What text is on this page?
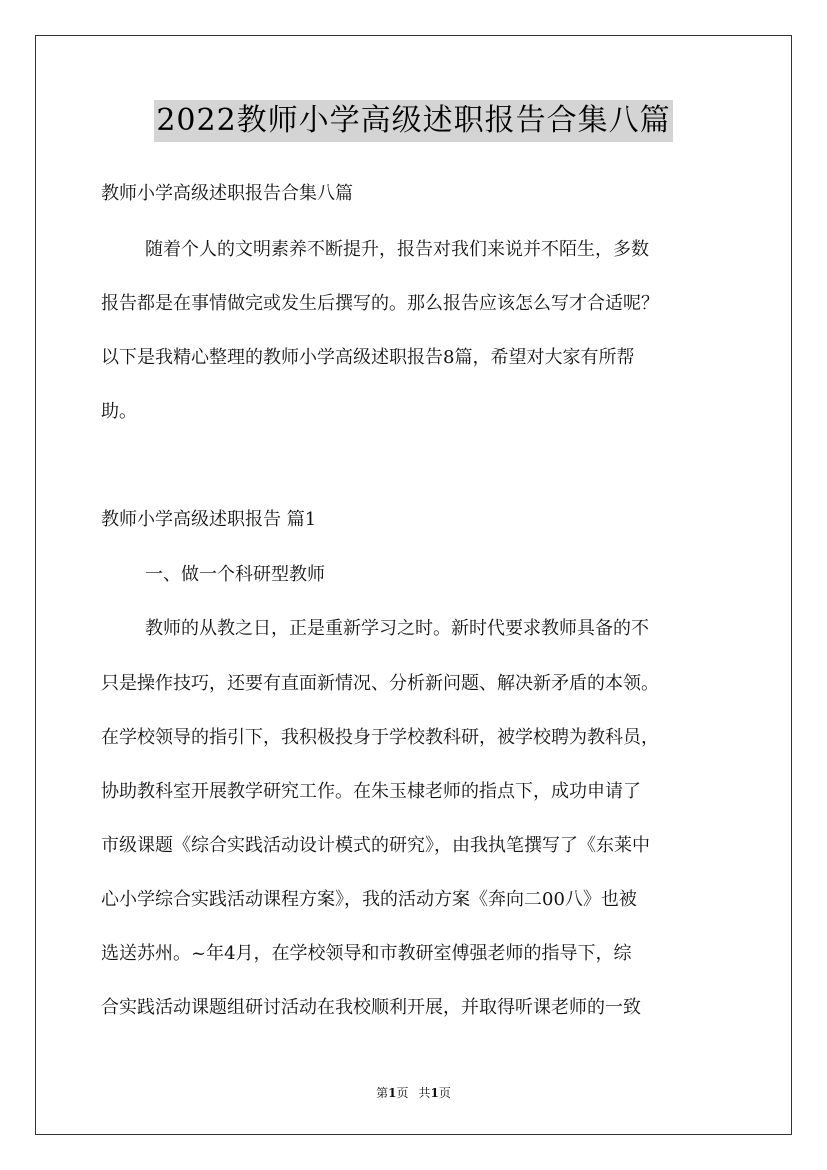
2022教师小学高级述职报告合集八篇
教师小学高级述职报告合集八篇
随着个人的文明素养不断提升，报告对我们来说并不陌生，多数
报告都是在事情做完或发生后撰写的。那么报告应该怎么写才合适呢？
以下是我精心整理的教师小学高级述职报告8篇，希望对大家有所帮
助。
教师小学高级述职报告 篇1
一、做一个科研型教师
教师的从教之日，正是重新学习之时。新时代要求教师具备的不
只是操作技巧，还要有直面新情况、分析新问题、解决新矛盾的本领。
在学校领导的指引下，我积极投身于学校教科研，被学校聘为教科员，
协助教科室开展教学研究工作。在朱玉棣老师的指点下，成功申请了
市级课题《综合实践活动设计模式的研究》，由我执笔撰写了《东莱中
心小学综合实践活动课程方案》，我的活动方案《奔向二00八》也被
选送苏州。~年4月，在学校领导和市教研室傅强老师的指导下，综
合实践活动课题组研讨活动在我校顺利开展，并取得听课老师的一致
第1页 共1页
